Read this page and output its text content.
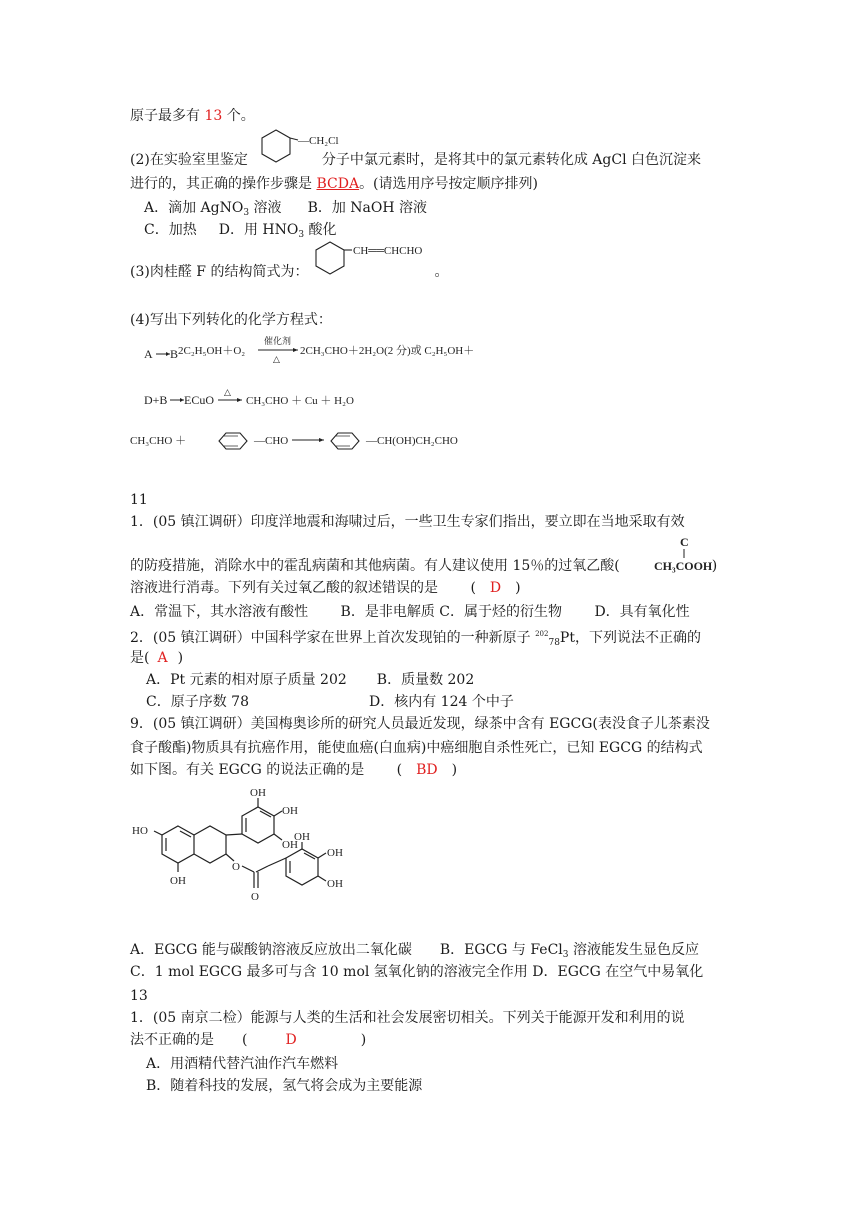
原子最多有 13 个。
—CH₂Cl
(2)在实验室里鉴定	分子中氯元素时，是将其中的氯元素转化成 AgCl 白色沉淀来
进行的，其正确的操作步骤是 BCDA。(请选用序号按定顺序排列)
A．滴加 AgNO$_3$ 溶液 B．加 NaOH 溶液
C．加热 D．用 $HNO_3$ 酸化
CH══CHCHO
(3)肉桂醛 F 的结构简式为：	。
(4)写出下列转化的化学方程式：
A B 2C₂H₅OH＋O₂
催化剂
△
2CH₃CHO＋2H₂O(2 分)或 C₂H₅OH＋
D+B ECuO
△
CH₃CHO ＋ Cu ＋ H₂O
CH₃CHO ＋	—CHO	—CH(OH)CH₂CHO
11
1．(05 镇江调研）印度洋地震和海啸过后，一些卫生专家们指出，要立即在当地采取有效
C
CH₃COOH
的防疫措施，消除水中的霍乱病菌和其他病菌。有人建议使用 15％的过氧乙酸(	)
溶液进行消毒。下列有关过氧乙酸的叙述错误的是 　　( D )
A．常温下，其水溶液有酸性　 　B．是非电解质 C．属于烃的衍生物　 　D．具有氧化性
2．(05 镇江调研）中国科学家在世界上首次发现铂的一种新原子 $^{202}_{78}$Pt，下列说法不正确的
是( A )
A．Pt 元素的相对原子质量 202 B．质量数 202
C．原子序数 78	D．核内有 124 个中子
9．(05 镇江调研）美国梅奥诊所的研究人员最近发现，绿茶中含有 EGCG(表没食子儿茶素没
食子酸酯)物质具有抗癌作用，能使血癌(白血病)中癌细胞自杀性死亡，已知 EGCG 的结构式
如下图。有关 EGCG 的说法正确的是 　　( BD )
OH
OH
OH
HO
OH
O
O
OH
OH
OH
A．EGCG 能与碳酸钠溶液反应放出二氧化碳　　B．EGCG 与 FeCl$_3$ 溶液能发生显色反应
C．1 mol EGCG 最多可与含 10 mol 氢氧化钠的溶液完全作用 D．EGCG 在空气中易氧化
13
1．(05 南京二检）能源与人类的生活和社会发展密切相关。下列关于能源开发和利用的说
法不正确的是　　(	D	)
A．用酒精代替汽油作汽车燃料
B．随着科技的发展，氢气将会成为主要能源
